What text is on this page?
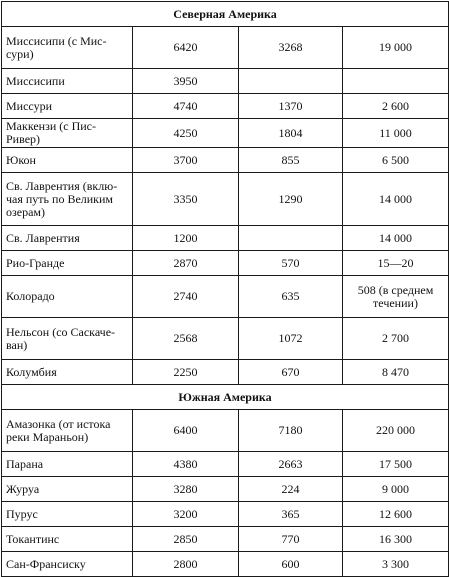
Северная Америка			
Миссисипи (с Миссури)	6420	3268	19 000
Миссисипи	3950		
Миссури	4740	1370	2 600
Маккензи (с Пис-Ривер)	4250	1804	11 000
Юкон	3700	855	6 500
Св. Лаврентия (включая путь по Великим озерам)	3350	1290	14 000
Св. Лаврентия	1200		14 000
Рио-Гранде	2870	570	15—20
Колорадо	2740	635	508 (в среднем течении)
Нельсон (со Саскачеван)	2568	1072	2 700
Колумбия	2250	670	8 470
Южная Америка			
Амазонка (от истока реки Мараньон)	6400	7180	220 000
Парана	4380	2663	17 500
Журуа	3280	224	9 000
Пурус	3200	365	12 600
Токантинс	2850	770	16 300
Сан-Франсиску	2800	600	3 300
